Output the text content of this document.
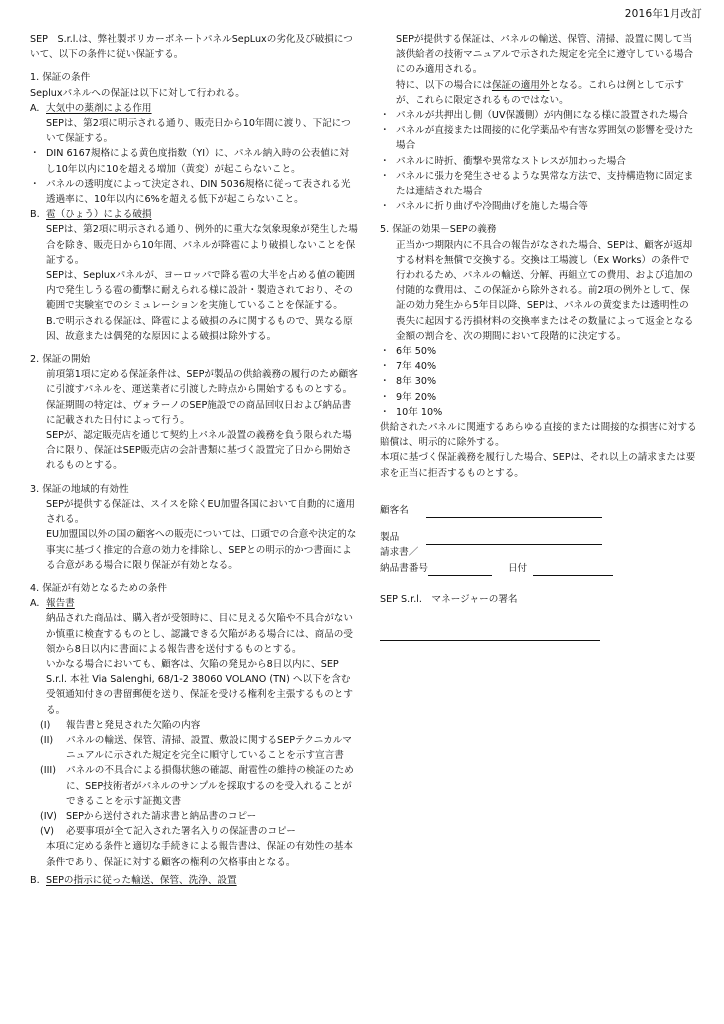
2016年1月改訂

SEP　S.r.l.は、弊社製ポリカーボネートパネルSepLuxの劣化及び破損について、以下の条件に従い保証する。

1. 保証の条件

Sepluxパネルへの保証は以下に対して行われる。

A. 大気中の薬剤による作用

SEPは、第2項に明示される通り、販売日から10年間に渡り、下記について保証する。

・ DIN 6167規格による黄色度指数（YI）に、パネル納入時の公表値に対し10年以内に10を超える増加（黄変）が起こらないこと。
・ パネルの透明度によって決定され、DIN 5036規格に従って表される光透過率に、10年以内に6%を超える低下が起こらないこと。
B. 雹（ひょう）による破損

SEPは、第2項に明示される通り、例外的に重大な気象現象が発生した場合を除き、販売日から10年間、パネルが降雹により破損しないことを保証する。

SEPは、Sepluxパネルが、ヨーロッパで降る雹の大半を占める値の範囲内で発生しうる雹の衝撃に耐えられる様に設計・製造されており、その範囲で実験室でのシミュレーションを実施していることを保証する。

B.で明示される保証は、降雹による破損のみに関するもので、異なる原因、故意または偶発的な原因による破損は除外する。

2. 保証の開始

前項第1項に定める保証条件は、SEPが製品の供給義務の履行のため顧客に引渡すパネルを、運送業者に引渡した時点から開始するものとする。

保証期間の特定は、ヴォラーノのSEP施設での商品回収日および納品書に記載された日付によって行う。

SEPが、認定販売店を通じて契約上パネル設置の義務を負う限られた場合に限り、保証はSEP販売店の会計書類に基づく設置完了日から開始されるものとする。

3. 保証の地域的有効性

SEPが提供する保証は、スイスを除くEU加盟各国において自動的に適用される。

EU加盟国以外の国の顧客への販売については、口頭での合意や決定的な事実に基づく推定的合意の効力を排除し、SEPとの明示的かつ書面による合意がある場合に限り保証が有効となる。

4. 保証が有効となるための条件

A. 報告書

納品された商品は、購入者が受領時に、目に見える欠陥や不具合がないか慎重に検査するものとし、認識できる欠陥がある場合には、商品の受領から8日以内に書面による報告書を送付するものとする。

いかなる場合においても、顧客は、欠陥の発見から8日以内に、SEP S.r.l. 本社 Via Salenghi, 68/1-2 38060 VOLANO (TN) へ以下を含む受領通知付きの書留郵便を送り、保証を受ける権利を主張するものとする。

(I)	報告書と発見された欠陥の内容
(II)	パネルの輸送、保管、清掃、設置、敷設に関するSEPテクニカルマニュアルに示された規定を完全に順守していることを示す宣言書
(III)	パネルの不具合による損傷状態の確認、耐雹性の維持の検証のために、SEP技術者がパネルのサンプルを採取するのを受入れることができることを示す証拠文書
(IV) SEPから送付された請求書と納品書のコピー
(V)	必要事項が全て記入された署名入りの保証書のコピー

本項に定める条件と適切な手続きによる報告書は、保証の有効性の基本条件であり、保証に対する顧客の権利の欠格事由となる。

B. SEPの指示に従った輸送、保管、洗浄、設置

SEPが提供する保証は、パネルの輸送、保管、清掃、設置に関して当該供給者の技術マニュアルで示された規定を完全に遵守している場合にのみ適用される。

特に、以下の場合には保証の適用外となる。これらは例として示すが、これらに限定されるものではない。

・ パネルが共押出し側（UV保護側）が内側になる様に設置された場合
・ パネルが直接または間接的に化学薬品や有害な雰囲気の影響を受けた場合
・ パネルに時折、衝撃や異常なストレスが加わった場合
・ パネルに張力を発生させるような異常な方法で、支持構造物に固定または連結された場合
・ パネルに折り曲げや冷間曲げを施した場合等

5. 保証の効果－SEPの義務

正当かつ期限内に不具合の報告がなされた場合、SEPは、顧客が返却する材料を無償で交換する。交換は工場渡し（Ex Works）の条件で行われるため、パネルの輸送、分解、再組立ての費用、および追加の付随的な費用は、この保証から除外される。前2項の例外として、保証の効力発生から5年目以降、SEPは、パネルの黄変または透明性の喪失に起因する汚損材料の交換率またはその数量によって返金となる金額の割合を、次の期間において段階的に決定する。

・ 6年 50%
・ 7年 40%
・ 8年 30%
・ 9年 20%
・ 10年 10%

供給されたパネルに関連するあらゆる直接的または間接的な損害に対する賠償は、明示的に除外する。

本項に基づく保証義務を履行した場合、SEPは、それ以上の請求または要求を正当に拒否するものとする。

顧客名
製品

請求書／

納品書番号	日付

SEP S.r.l.　マネージャーの署名
